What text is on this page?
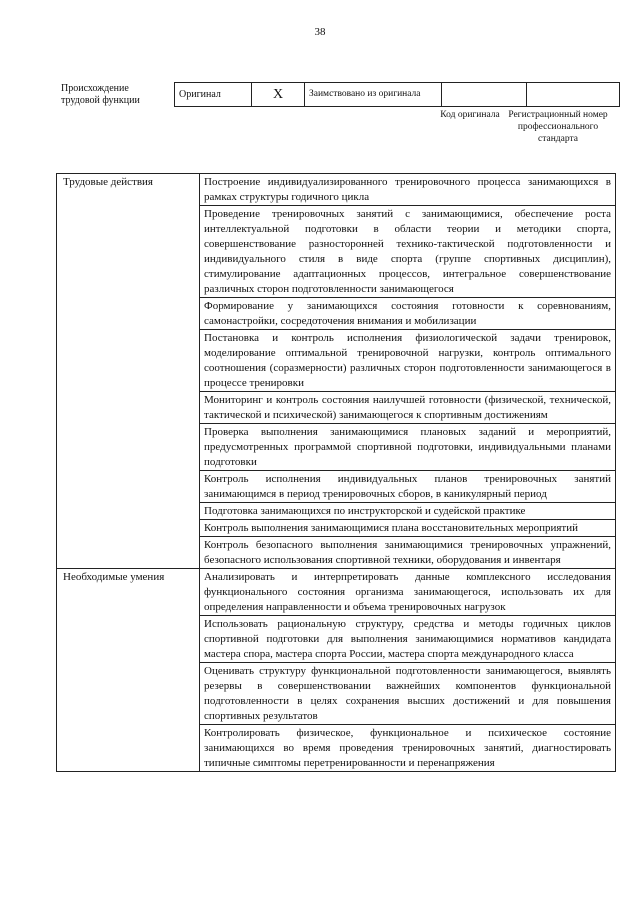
38
Происхождение трудовой функции
Оригинал	X	Заимствовано из оригинала		
Код оригинала Регистрационный номер профессионального стандарта
Трудовые действия	Построение индивидуализированного тренировочного процесса занимающихся в рамках структуры годичного цикла
	Проведение тренировочных занятий с занимающимися, обеспечение роста интеллектуальной подготовки в области теории и методики спорта, совершенствование разносторонней технико-тактической подготовленности и индивидуального стиля в виде спорта (группе спортивных дисциплин), стимулирование адаптационных процессов, интегральное совершенствование различных сторон подготовленности занимающегося
	Формирование у занимающихся состояния готовности к соревнованиям, самонастройки, сосредоточения внимания и мобилизации
	Постановка и контроль исполнения физиологической задачи тренировок, моделирование оптимальной тренировочной нагрузки, контроль оптимального соотношения (соразмерности) различных сторон подготовленности занимающегося в процессе тренировки
	Мониторинг и контроль состояния наилучшей готовности (физической, технической, тактической и психической) занимающегося к спортивным достижениям
	Проверка выполнения занимающимися плановых заданий и мероприятий, предусмотренных программой спортивной подготовки, индивидуальными планами подготовки
	Контроль исполнения индивидуальных планов тренировочных занятий занимающимся в период тренировочных сборов, в каникулярный период
	Подготовка занимающихся по инструкторской и судейской практике
	Контроль выполнения занимающимися плана восстановительных мероприятий
	Контроль безопасного выполнения занимающимися тренировочных упражнений, безопасного использования спортивной техники, оборудования и инвентаря
Необходимые умения	Анализировать и интерпретировать данные комплексного исследования функционального состояния организма занимающегося, использовать их для определения направленности и объема тренировочных нагрузок
	Использовать рациональную структуру, средства и методы годичных циклов спортивной подготовки для выполнения занимающимися нормативов кандидата мастера спора, мастера спорта России, мастера спорта международного класса
	Оценивать структуру функциональной подготовленности занимающегося, выявлять резервы в совершенствовании важнейших компонентов функциональной подготовленности в целях сохранения высших достижений и для повышения спортивных результатов
	Контролировать физическое, функциональное и психическое состояние занимающихся во время проведения тренировочных занятий, диагностировать типичные симптомы перетренированности и перенапряжения
